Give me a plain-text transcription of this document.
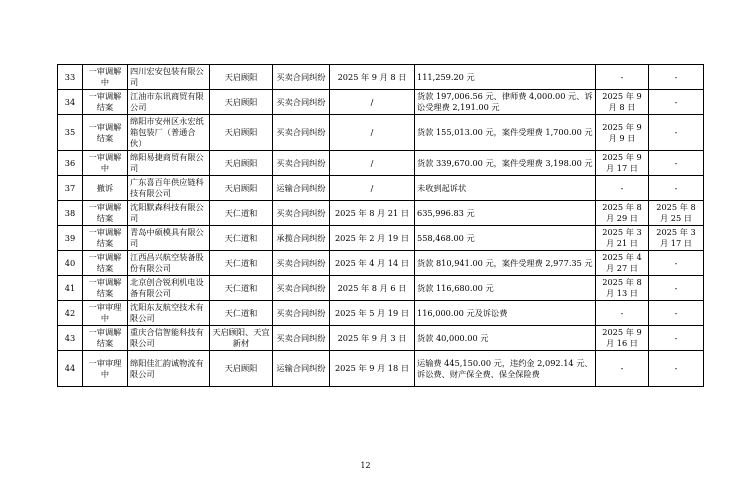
33	一审调解中	四川宏安包装有限公司	天启顾阳	买卖合同纠纷	2025 年 9 月 8 日	111,259.20 元	-	-
34	一审调解结案	江油市东讯商贸有限公司	天启顾阳	买卖合同纠纷	/	货款 197,006.56 元、律师费 4,000.00 元、诉讼受理费 2,191.00 元	2025 年 9 月 8 日	-
35	一审调解结案	绵阳市安州区永宏纸箱包装厂（普通合伙）	天启顾阳	买卖合同纠纷	/	货款 155,013.00 元，案件受理费 1,700.00 元	2025 年 9 月 9 日	-
36	一审调解中	绵阳易捷商贸有限公司	天启顾阳	买卖合同纠纷	/	货款 339,670.00 元，案件受理费 3,198.00 元	2025 年 9 月 17 日	-
37	撤诉	广东喜百年供应链科技有限公司	天启顾阳	运输合同纠纷	/	未收到起诉状	-	-
38	一审调解结案	沈阳默森科技有限公司	天仁道和	买卖合同纠纷	2025 年 8 月 21 日	635,996.83 元	2025 年 8 月 29 日	2025 年 8 月 25 日
39	一审调解结案	青岛中硕模具有限公司	天仁道和	承揽合同纠纷	2025 年 2 月 19 日	558,468.00 元	2025 年 3 月 21 日	2025 年 3 月 17 日
40	一审调解结案	江西昌兴航空装备股份有限公司	天仁道和	买卖合同纠纷	2025 年 4 月 14 日	货款 810,941.00 元，案件受理费 2,977.35 元	2025 年 4 月 27 日	-
41	一审调解结案	北京创合锐利机电设备有限公司	天仁道和	买卖合同纠纷	2025 年 8 月 6 日	货款 116,680.00 元	2025 年 8 月 13 日	-
42	一审审理中	沈阳东友航空技术有限公司	天仁道和	买卖合同纠纷	2025 年 5 月 19 日	116,000.00 元及诉讼费	-	-
43	一审调解结案	重庆合信智能科技有限公司	天启顾阳、天宜新材	买卖合同纠纷	2025 年 9 月 3 日	货款 40,000.00 元	2025 年 9 月 16 日	-
44	一审审理中	绵阳佳汇韵诚物流有限公司	天启顾阳	运输合同纠纷	2025 年 9 月 18 日	运输费 445,150.00 元，违约金 2,092.14 元、诉讼费、财产保全费、保全保险费	-	-
12
